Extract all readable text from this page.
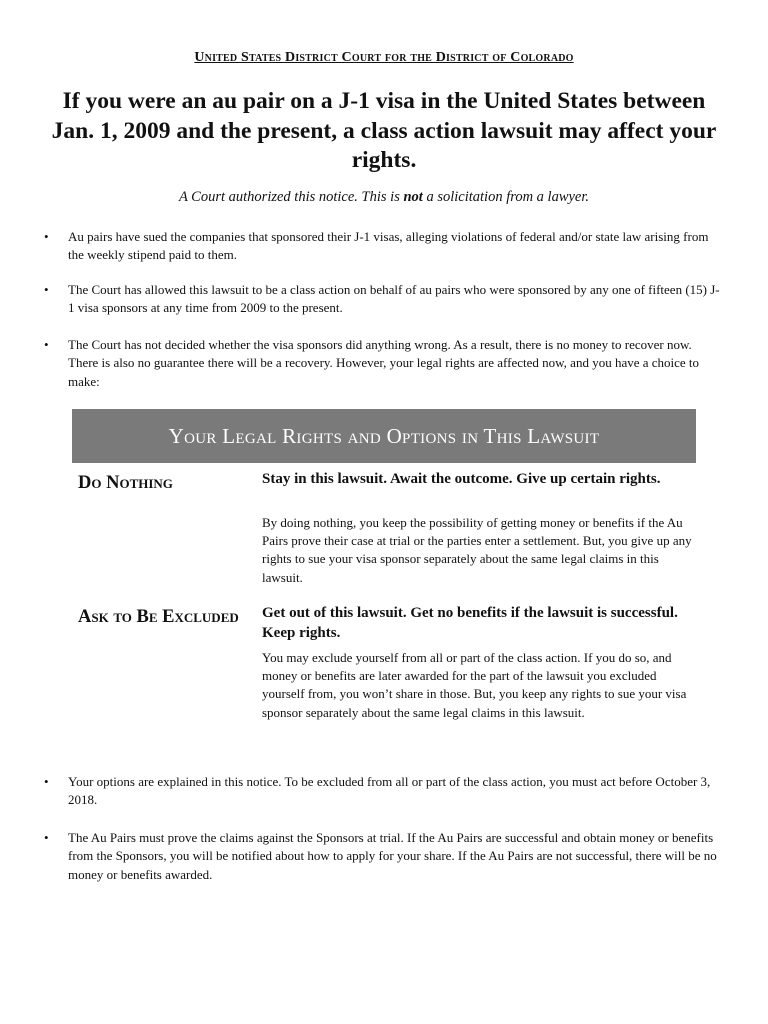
United States District Court for the District of Colorado
If you were an au pair on a J-1 visa in the United States between Jan. 1, 2009 and the present, a class action lawsuit may affect your rights.
A Court authorized this notice. This is not a solicitation from a lawyer.
• Au pairs have sued the companies that sponsored their J-1 visas, alleging violations of federal and/or state law arising from the weekly stipend paid to them.
• The Court has allowed this lawsuit to be a class action on behalf of au pairs who were sponsored by any one of fifteen (15) J-1 visa sponsors at any time from 2009 to the present.
• The Court has not decided whether the visa sponsors did anything wrong. As a result, there is no money to recover now. There is also no guarantee there will be a recovery. However, your legal rights are affected now, and you have a choice to make:
Your Legal Rights and Options in This Lawsuit
Do Nothing	Stay in this lawsuit. Await the outcome. Give up certain rights.
By doing nothing, you keep the possibility of getting money or benefits if the Au Pairs prove their case at trial or the parties enter a settlement. But, you give up any rights to sue your visa sponsor separately about the same legal claims in this lawsuit.
Ask to Be Excluded	Get out of this lawsuit. Get no benefits if the lawsuit is successful. Keep rights.
You may exclude yourself from all or part of the class action. If you do so, and money or benefits are later awarded for the part of the lawsuit you excluded yourself from, you won’t share in those. But, you keep any rights to sue your visa sponsor separately about the same legal claims in this lawsuit.
• Your options are explained in this notice. To be excluded from all or part of the class action, you must act before October 3, 2018.
• The Au Pairs must prove the claims against the Sponsors at trial. If the Au Pairs are successful and obtain money or benefits from the Sponsors, you will be notified about how to apply for your share. If the Au Pairs are not successful, there will be no money or benefits awarded.
